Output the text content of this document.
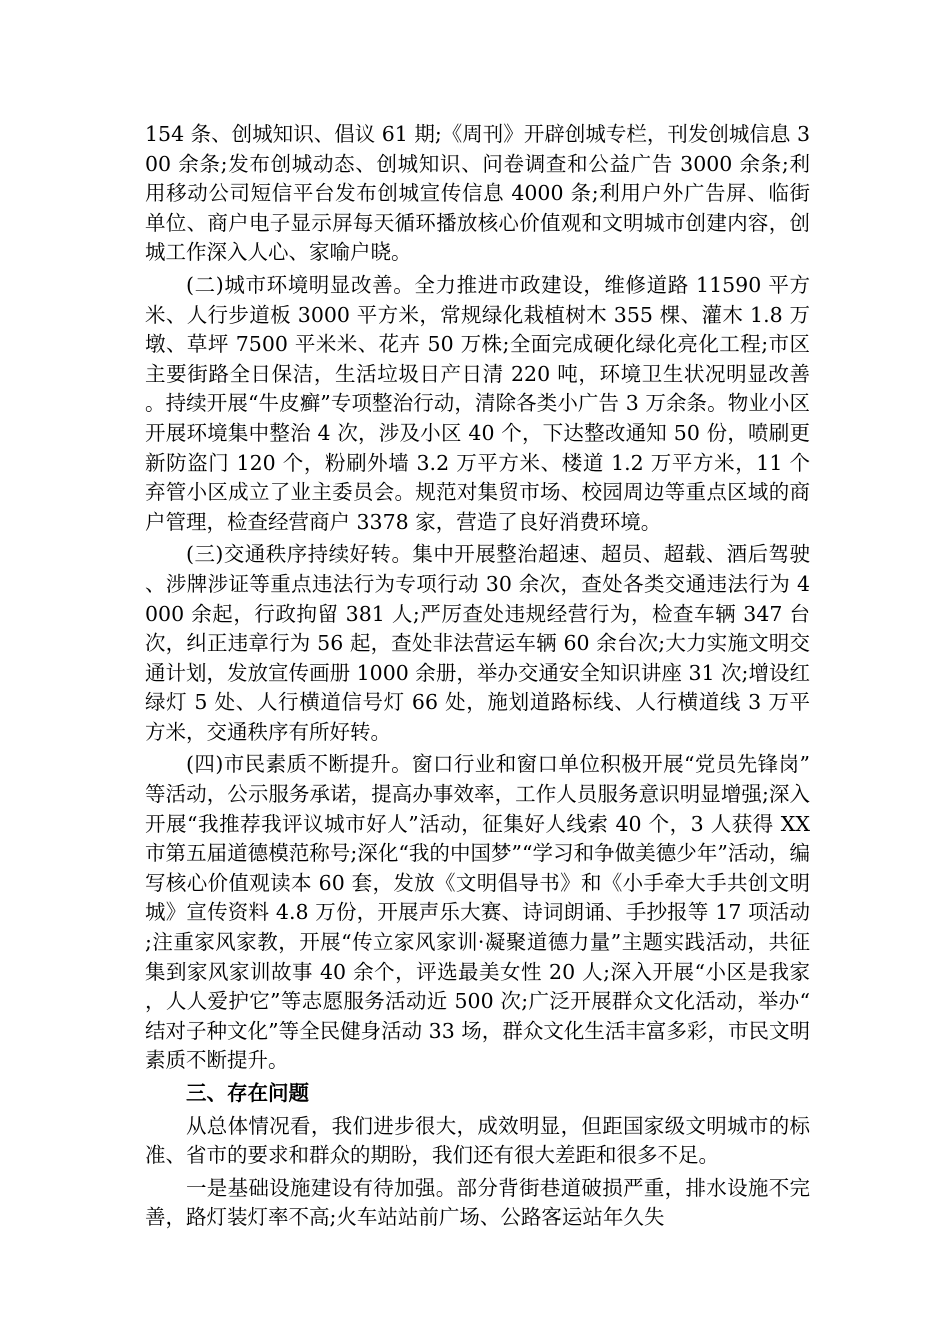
154 条、创城知识、倡议 61 期;《周刊》开辟创城专栏，刊发创城信息 300 余条;发布创城动态、创城知识、问卷调查和公益广告 3000 余条;利用移动公司短信平台发布创城宣传信息 4000 条;利用户外广告屏、临街单位、商户电子显示屏每天循环播放核心价值观和文明城市创建内容，创城工作深入人心、家喻户晓。

(二)城市环境明显改善。全力推进市政建设，维修道路 11590 平方米、人行步道板 3000 平方米，常规绿化栽植树木 355 棵、灌木 1.8 万墩、草坪 7500 平米米、花卉 50 万株;全面完成硬化绿化亮化工程;市区主要街路全日保洁，生活垃圾日产日清 220 吨，环境卫生状况明显改善。持续开展“牛皮癣”专项整治行动，清除各类小广告 3 万余条。物业小区开展环境集中整治 4 次，涉及小区 40 个，下达整改通知 50 份，喷刷更新防盗门 120 个，粉刷外墙 3.2 万平方米、楼道 1.2 万平方米，11 个弃管小区成立了业主委员会。规范对集贸市场、校园周边等重点区域的商户管理，检查经营商户 3378 家，营造了良好消费环境。

(三)交通秩序持续好转。集中开展整治超速、超员、超载、酒后驾驶、涉牌涉证等重点违法行为专项行动 30 余次，查处各类交通违法行为 4000 余起，行政拘留 381 人;严厉查处违规经营行为，检查车辆 347 台次，纠正违章行为 56 起，查处非法营运车辆 60 余台次;大力实施文明交通计划，发放宣传画册 1000 余册，举办交通安全知识讲座 31 次;增设红绿灯 5 处、人行横道信号灯 66 处，施划道路标线、人行横道线 3 万平方米，交通秩序有所好转。

(四)市民素质不断提升。窗口行业和窗口单位积极开展“党员先锋岗”等活动，公示服务承诺，提高办事效率，工作人员服务意识明显增强;深入开展“我推荐我评议城市好人”活动，征集好人线索 40 个，3 人获得 XX 市第五届道德模范称号;深化“我的中国梦”“学习和争做美德少年”活动，编写核心价值观读本 60 套，发放《文明倡导书》和《小手牵大手共创文明城》宣传资料 4.8 万份，开展声乐大赛、诗词朗诵、手抄报等 17 项活动;注重家风家教，开展“传立家风家训·凝聚道德力量”主题实践活动，共征集到家风家训故事 40 余个，评选最美女性 20 人;深入开展“小区是我家，人人爱护它”等志愿服务活动近 500 次;广泛开展群众文化活动，举办“结对子种文化”等全民健身活动 33 场，群众文化生活丰富多彩，市民文明素质不断提升。

三、存在问题

从总体情况看，我们进步很大，成效明显，但距国家级文明城市的标准、省市的要求和群众的期盼，我们还有很大差距和很多不足。

一是基础设施建设有待加强。部分背街巷道破损严重，排水设施不完善，路灯装灯率不高;火车站站前广场、公路客运站年久失
